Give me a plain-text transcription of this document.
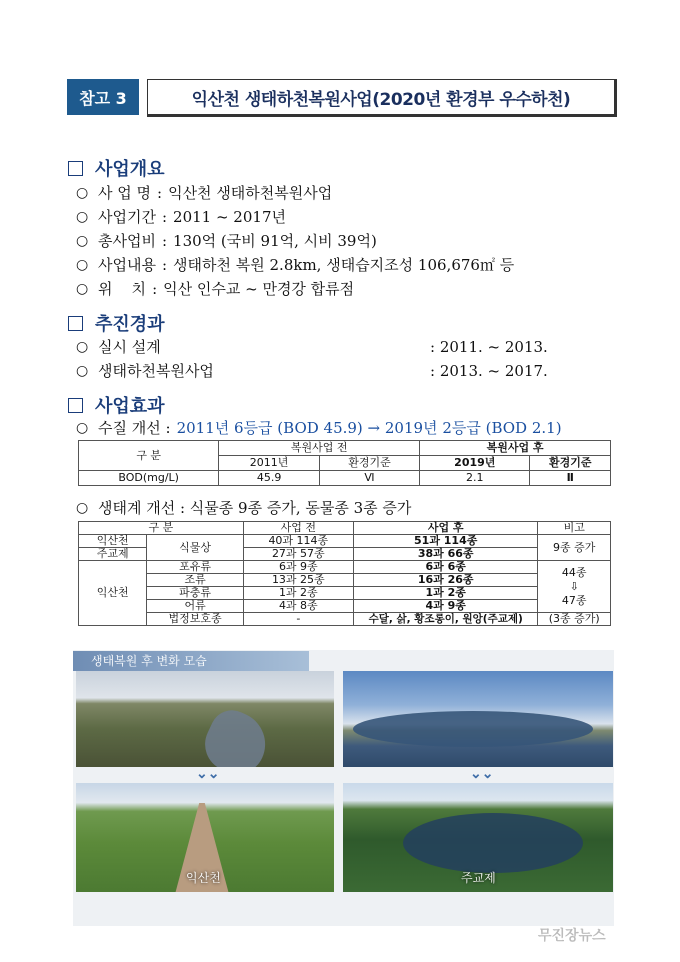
참고 3	익산천 생태하천복원사업(2020년 환경부 우수하천)
사업개요
○ 사 업 명 : 익산천 생태하천복원사업
○ 사업기간 : 2011 ~ 2017년
○ 총사업비 : 130억 (국비 91억, 시비 39억)
○ 사업내용 : 생태하천 복원 2.8km, 생태습지조성 106,676㎡ 등
○ 위    치 : 익산 인수교 ~ 만경강 합류점
추진경과
○ 실시 설계	: 2011. ~ 2013.
○ 생태하천복원사업	: 2013. ~ 2017.
사업효과
○ 수질 개선 : 2011년 6등급 (BOD 45.9) → 2019년 2등급 (BOD 2.1)
구 분	복원사업 전		복원사업 후	
	2011년	환경기준	2019년	환경기준
BOD(mg/L)	45.9	Ⅵ	2.1	Ⅱ
○ 생태계 개선 : 식물종 9종 증가, 동물종 3종 증가
구 분		사업 전	사업 후	비고
익산천	식물상	40과 114종	51과 114종	9종 증가
주교제		27과 57종	38과 66종	
익산천	포유류	6과 9종	6과 6종	44종
⇩
47종

	조류	13과 25종	16과 26종	
	파충류	1과 2종	1과 2종	
	어류	4과 8종	4과 9종	
	법정보호종	-	수달, 삵, 황조롱이, 원앙(주교제)	(3종 증가)
생태복원 후 변화 모습
⌄⌄	⌄⌄
익산천	주교제
무진장뉴스
